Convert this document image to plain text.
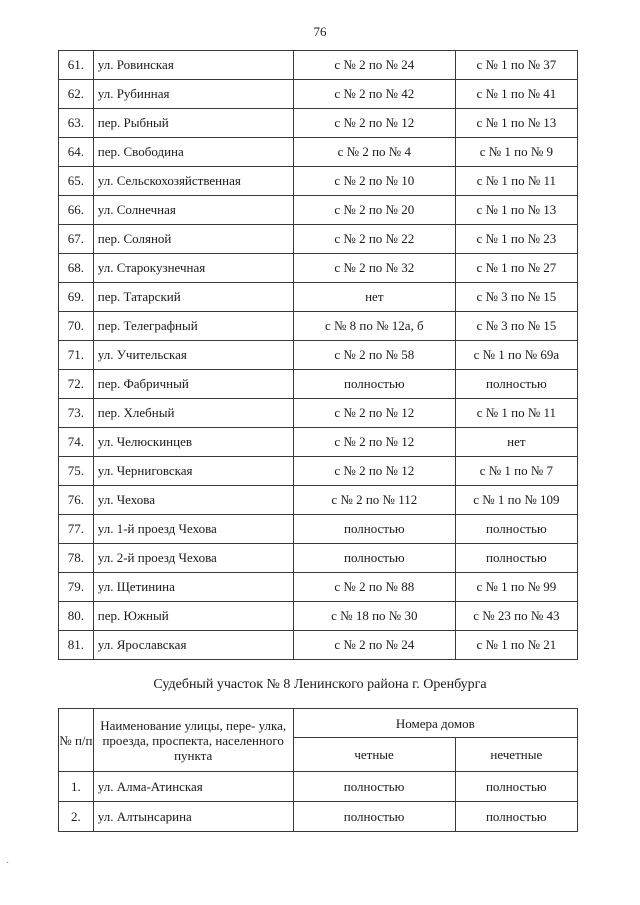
76
61.	ул. Ровинская	с № 2 по № 24	с № 1 по № 37
62.	ул. Рубинная	с № 2 по № 42	с № 1 по № 41
63.	пер. Рыбный	с № 2 по № 12	с № 1 по № 13
64.	пер. Свободина	с № 2 по № 4	с № 1 по № 9
65.	ул. Сельскохозяйственная	с № 2 по № 10	с № 1 по № 11
66.	ул. Солнечная	с № 2 по № 20	с № 1 по № 13
67.	пер. Соляной	с № 2 по № 22	с № 1 по № 23
68.	ул. Старокузнечная	с № 2 по № 32	с № 1 по № 27
69.	пер. Татарский	нет	с № 3 по № 15
70.	пер. Телеграфный	с № 8 по № 12а, б	с № 3 по № 15
71.	ул. Учительская	с № 2 по № 58	с № 1 по № 69а
72.	пер. Фабричный	полностью	полностью
73.	пер. Хлебный	с № 2 по № 12	с № 1 по № 11
74.	ул. Челюскинцев	с № 2 по № 12	нет
75.	ул. Черниговская	с № 2 по № 12	с № 1 по № 7
76.	ул. Чехова	с № 2 по № 112	с № 1 по № 109
77.	ул. 1-й проезд Чехова	полностью	полностью
78.	ул. 2-й проезд Чехова	полностью	полностью
79.	ул. Щетинина	с № 2 по № 88	с № 1 по № 99
80.	пер. Южный	с № 18 по № 30	с № 23 по № 43
81.	ул. Ярославская	с № 2 по № 24	с № 1 по № 21
Судебный участок № 8 Ленинского района г. Оренбурга
№ п/п	Наименование улицы, пере- улка, проезда, проспекта, населенного пункта	Номера домов	
		четные	нечетные
1.	ул. Алма-Атинская	полностью	полностью
2.	ул. Алтынсарина	полностью	полностью
·
